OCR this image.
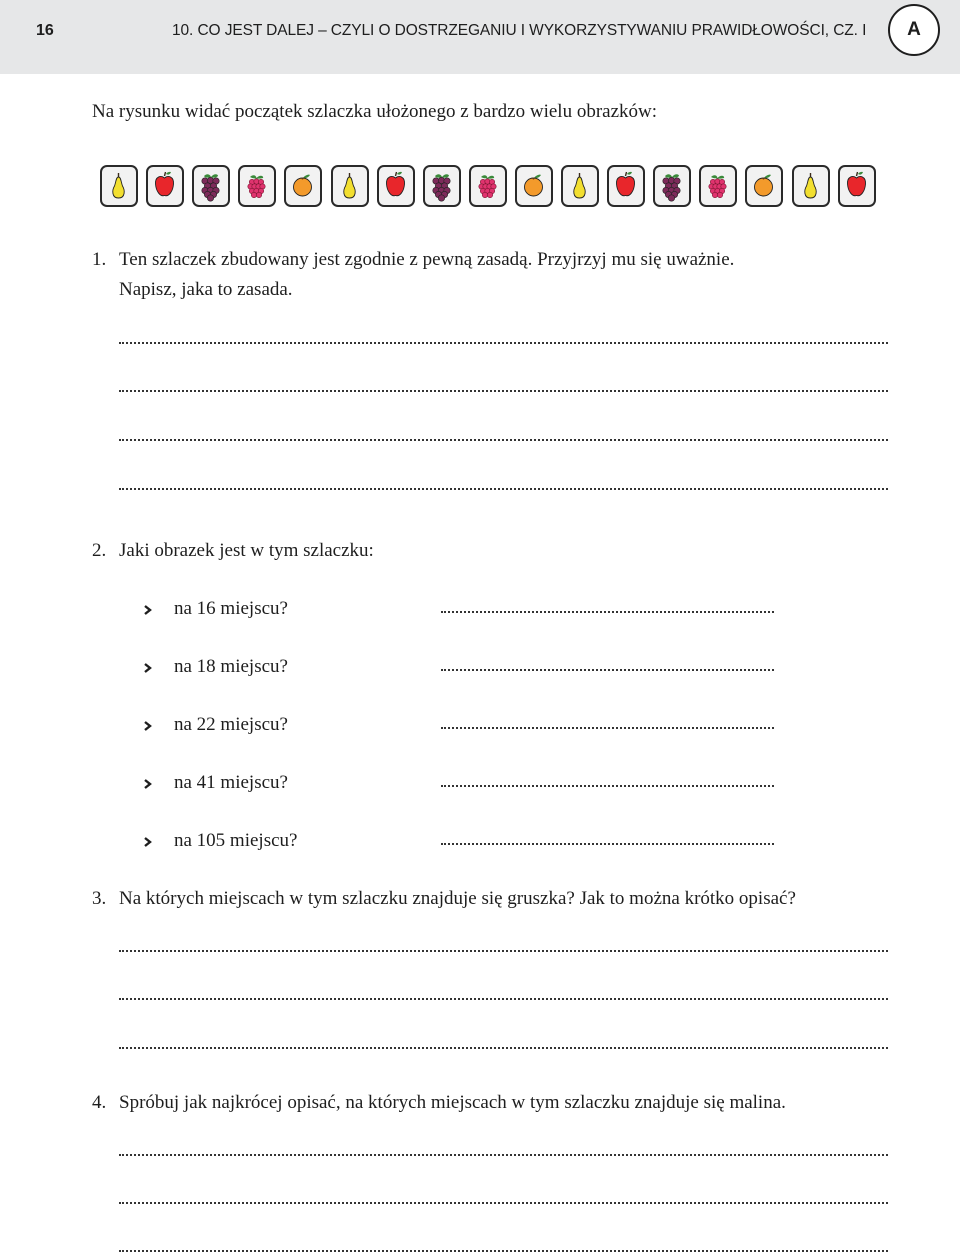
16	10. CO JEST DALEJ – CZYLI O DOSTRZEGANIU I WYKORZYSTYWANIU PRAWIDŁOWOŚCI, CZ. I	A
Na rysunku widać początek szlaczka ułożonego z bardzo wielu obrazków:
1. Ten szlaczek zbudowany jest zgodnie z pewną zasadą. Przyjrzyj mu się uważnie.
Napisz, jaka to zasada.
2. Jaki obrazek jest w tym szlaczku:
na 16 miejscu?
na 18 miejscu?
na 22 miejscu?
na 41 miejscu?
na 105 miejscu?
3. Na których miejscach w tym szlaczku znajduje się gruszka? Jak to można krótko opisać?
4. Spróbuj jak najkrócej opisać, na których miejscach w tym szlaczku znajduje się malina.
